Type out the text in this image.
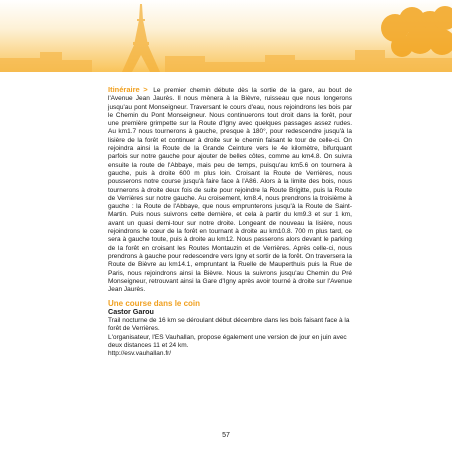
Itinéraire > Le premier chemin débute dès la sortie de la gare, au bout de l'Avenue Jean Jaurès. Il nous mènera à la Bièvre, ruisseau que nous longerons jusqu'au pont Monseigneur. Traversant le cours d'eau, nous rejoindrons les bois par le Chemin du Pont Monseigneur. Nous continuerons tout droit dans la forêt, pour une première grimpette sur la Route d'Igny avec quelques passages assez rudes. Au km1.7 nous tournerons à gauche, presque à 180°, pour redescendre jusqu'à la lisière de la forêt et continuer à droite sur le chemin faisant le tour de celle-ci. On rejoindra ainsi la Route de la Grande Ceinture vers le 4e kilomètre, bifurquant parfois sur notre gauche pour ajouter de belles côtes, comme au km4.8. On suivra ensuite la route de l'Abbaye, mais peu de temps, puisqu'au km5.6 on tournera à gauche, puis à droite 600 m plus loin. Croisant la Route de Verrières, nous pousserons notre course jusqu'à faire face à l'A86. Alors à la limite des bois, nous tournerons à droite deux fois de suite pour rejoindre la Route Brigitte, puis la Route de Verrières sur notre gauche. Au croisement, km8.4, nous prendrons la troisième à gauche : la Route de l'Abbaye, que nous emprunterons jusqu'à la Route de Saint-Martin. Puis nous suivrons cette dernière, et cela à partir du km9.3 et sur 1 km, avant un quasi demi-tour sur notre droite. Longeant de nouveau la lisière, nous rejoindrons le cœur de la forêt en tournant à droite au km10.8. 700 m plus tard, ce sera à gauche toute, puis à droite au km12. Nous passerons alors devant le parking de la forêt en croisant les Routes Montauzin et de Verrières. Après celle-ci, nous prendrons à gauche pour redescendre vers Igny et sortir de la forêt. On traversera la Route de Bièvre au km14.1, empruntant la Ruelle de Mauperthuis puis la Rue de Paris, nous rejoindrons ainsi la Bièvre. Nous la suivrons jusqu'au Chemin du Pré Monseigneur, retrouvant ainsi la Gare d'Igny après avoir tourné à droite sur l'Avenue Jean Jaurès.

Une course dans le coin
Castor Garou

Trail nocturne de 16 km se déroulant début décembre dans les bois faisant face à la forêt de Verrières.

L'organisateur, l'ES Vauhallan, propose également une version de jour en juin avec deux distances 11 et 24 km.

http://esv.vauhallan.fr/

57
